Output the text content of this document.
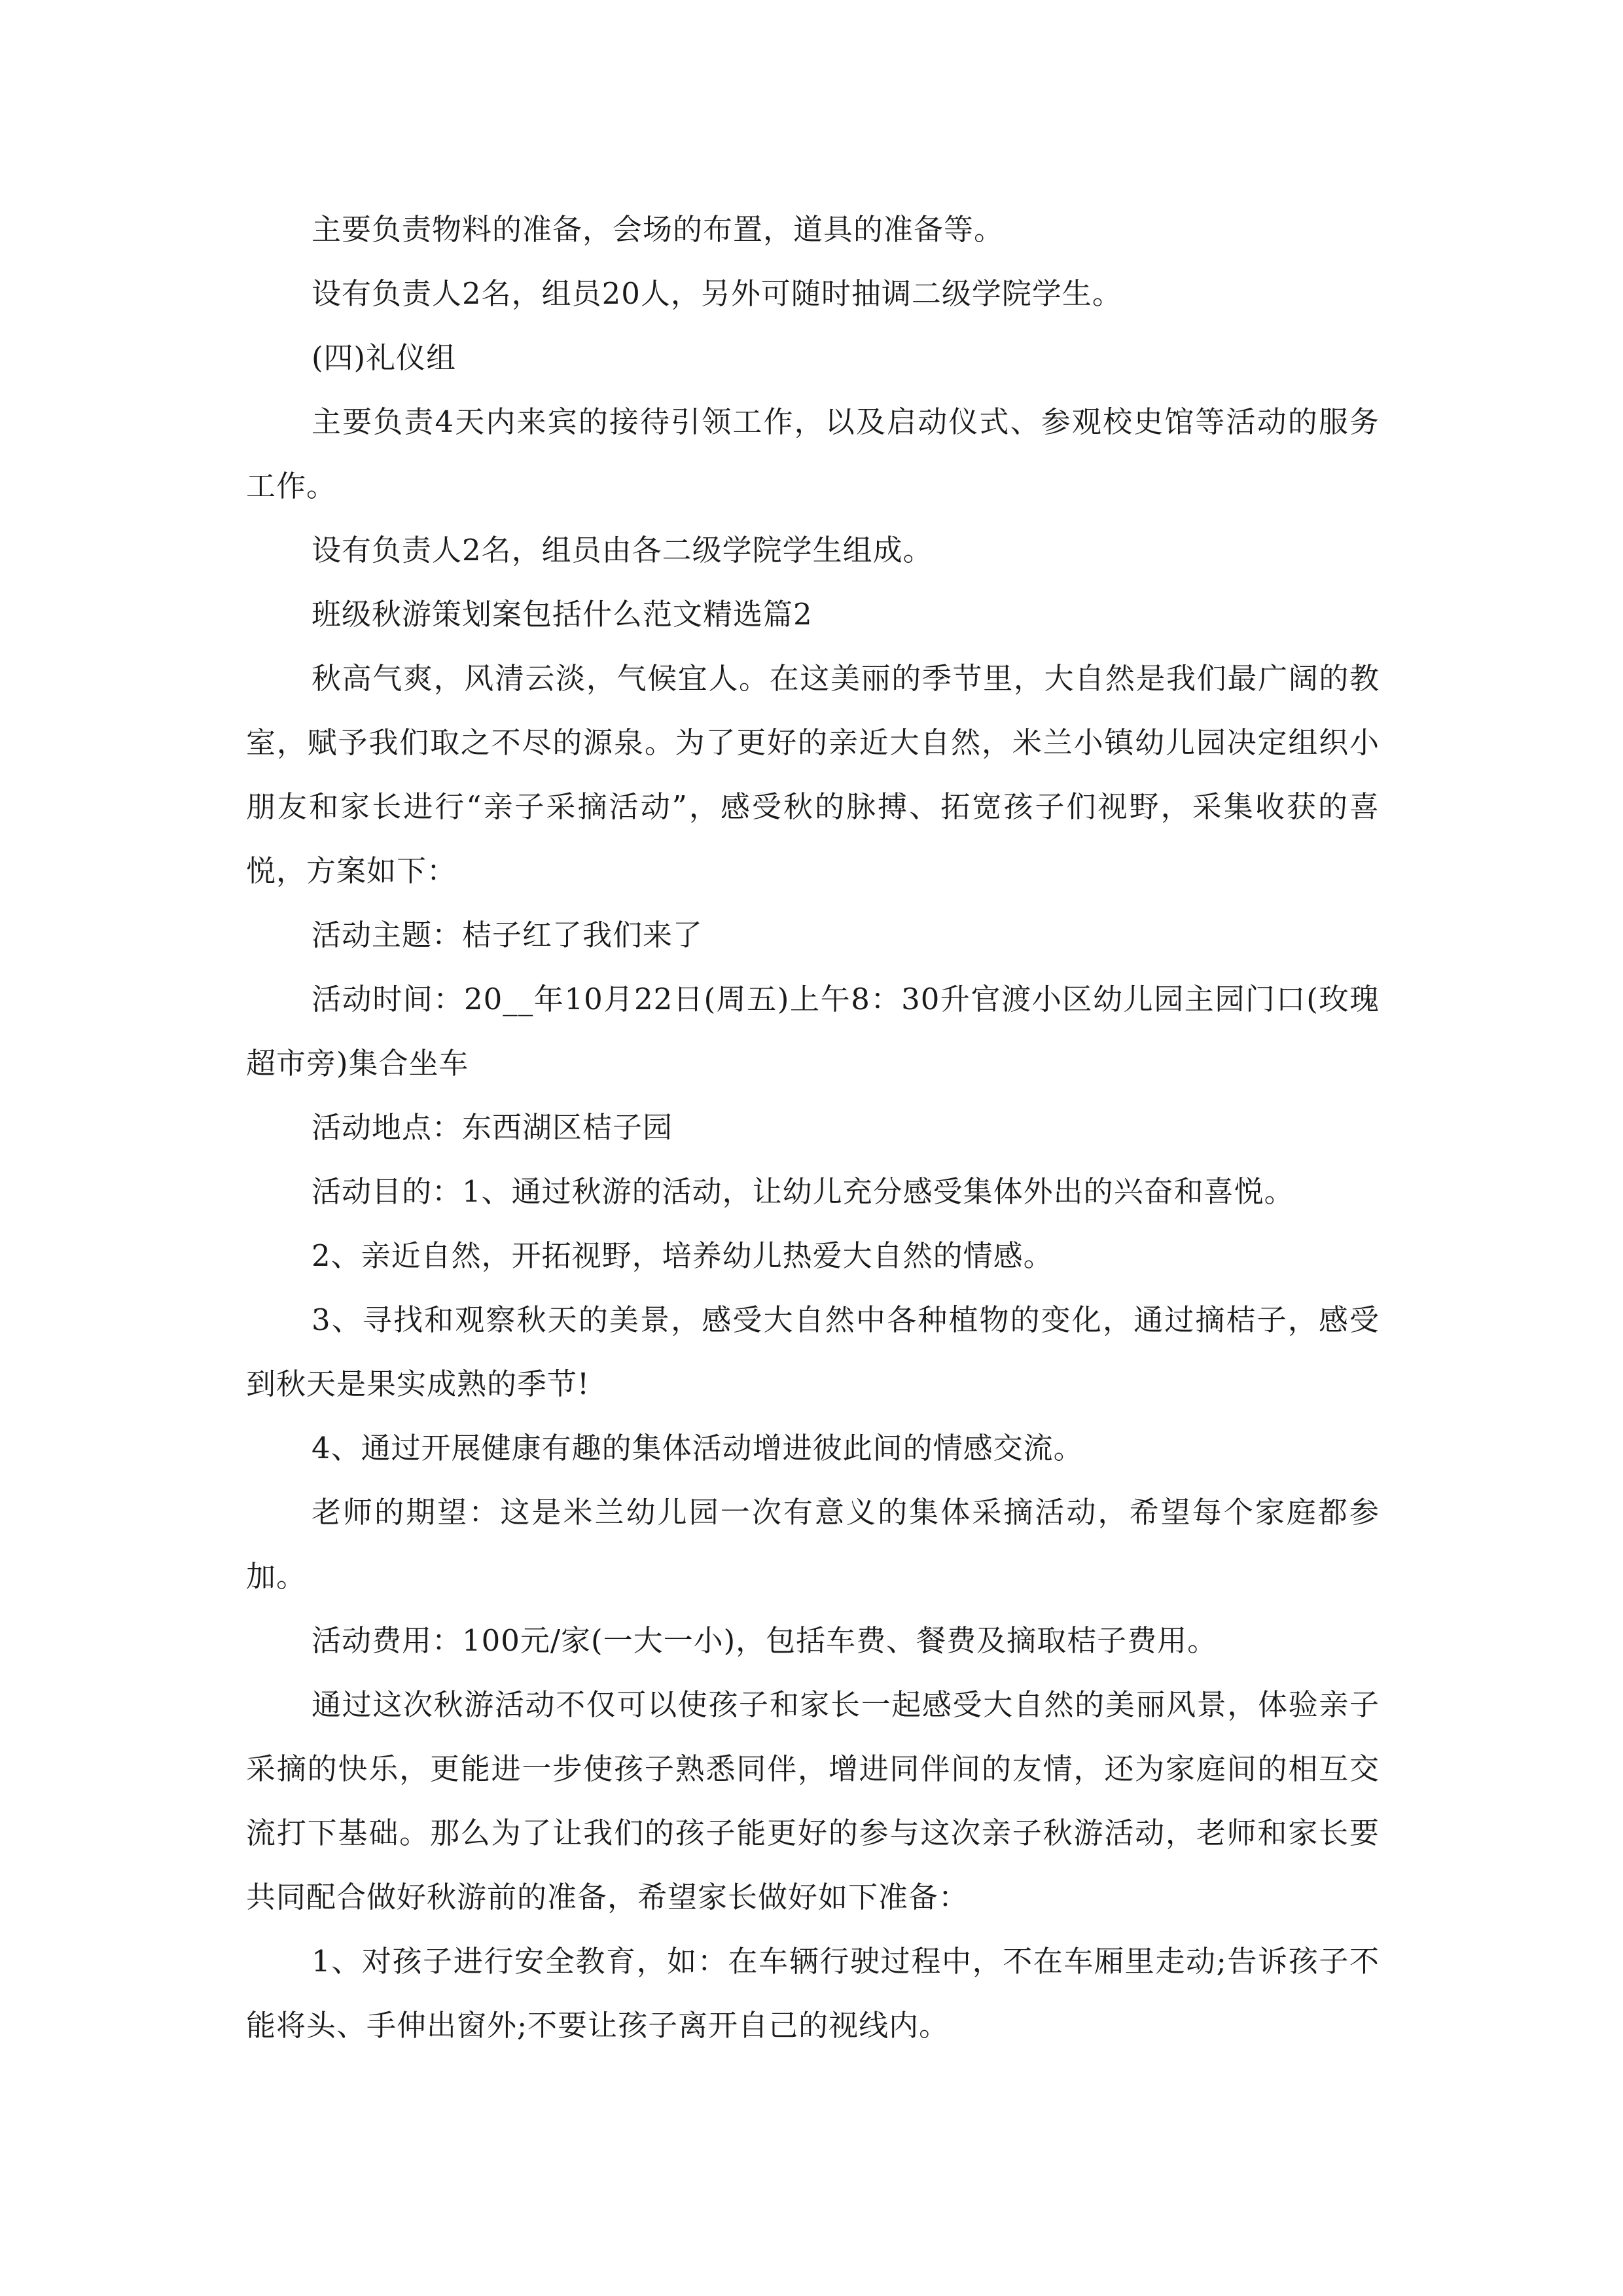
主要负责物料的准备，会场的布置，道具的准备等。

设有负责人2名，组员20人，另外可随时抽调二级学院学生。

(四)礼仪组

主要负责4天内来宾的接待引领工作，以及启动仪式、参观校史馆等活动的服务工作。

设有负责人2名，组员由各二级学院学生组成。

班级秋游策划案包括什么范文精选篇2

秋高气爽，风清云淡，气候宜人。在这美丽的季节里，大自然是我们最广阔的教室，赋予我们取之不尽的源泉。为了更好的亲近大自然，米兰小镇幼儿园决定组织小朋友和家长进行“亲子采摘活动”，感受秋的脉搏、拓宽孩子们视野，采集收获的喜悦，方案如下：

活动主题：桔子红了我们来了

活动时间：20__年10月22日(周五)上午8：30升官渡小区幼儿园主园门口(玫瑰超市旁)集合坐车

活动地点：东西湖区桔子园

活动目的：1、通过秋游的活动，让幼儿充分感受集体外出的兴奋和喜悦。

2、亲近自然，开拓视野，培养幼儿热爱大自然的情感。

3、寻找和观察秋天的美景，感受大自然中各种植物的变化，通过摘桔子，感受到秋天是果实成熟的季节!

4、通过开展健康有趣的集体活动增进彼此间的情感交流。

老师的期望：这是米兰幼儿园一次有意义的集体采摘活动，希望每个家庭都参加。

活动费用：100元/家(一大一小)，包括车费、餐费及摘取桔子费用。

通过这次秋游活动不仅可以使孩子和家长一起感受大自然的美丽风景，体验亲子采摘的快乐，更能进一步使孩子熟悉同伴，增进同伴间的友情，还为家庭间的相互交流打下基础。那么为了让我们的孩子能更好的参与这次亲子秋游活动，老师和家长要共同配合做好秋游前的准备，希望家长做好如下准备：

1、对孩子进行安全教育，如：在车辆行驶过程中，不在车厢里走动;告诉孩子不能将头、手伸出窗外;不要让孩子离开自己的视线内。
